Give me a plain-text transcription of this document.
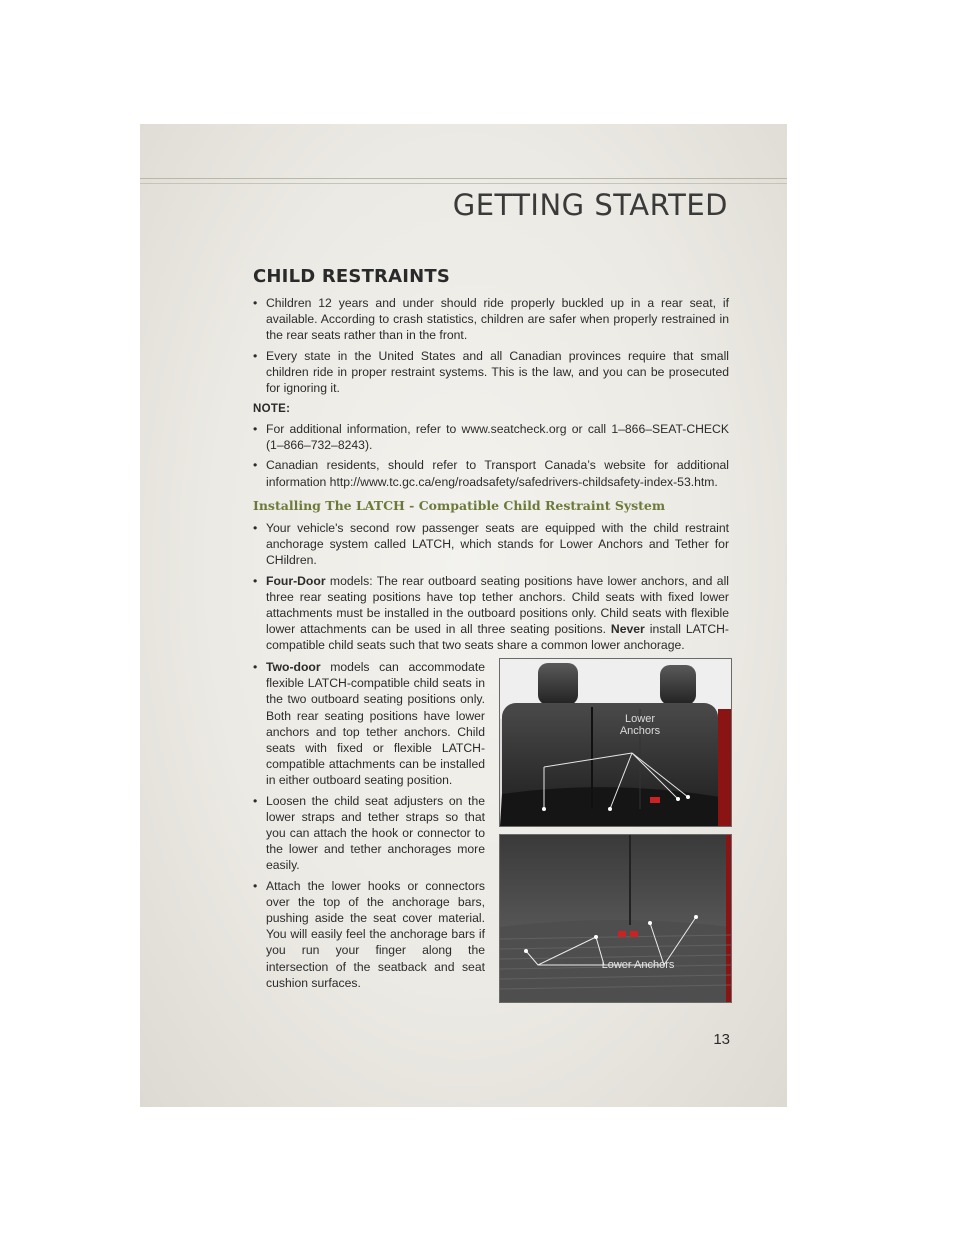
GETTING STARTED
CHILD RESTRAINTS
• Children 12 years and under should ride properly buckled up in a rear seat, if available. According to crash statistics, children are safer when properly restrained in the rear seats rather than in the front.
• Every state in the United States and all Canadian provinces require that small children ride in proper restraint systems. This is the law, and you can be prosecuted for ignoring it.
NOTE:
• For additional information, refer to www.seatcheck.org or call 1–866–SEAT-CHECK (1–866–732–8243).
• Canadian residents, should refer to Transport Canada’s website for additional information http://www.tc.gc.ca/eng/roadsafety/safedrivers-childsafety-index-53.htm.
Installing The LATCH - Compatible Child Restraint System
• Your vehicle's second row passenger seats are equipped with the child restraint anchorage system called LATCH, which stands for Lower Anchors and Tether for CHildren.
• Four-Door models: The rear outboard seating positions have lower anchors, and all three rear seating positions have top tether anchors. Child seats with fixed lower attachments must be installed in the outboard positions only. Child seats with flexible lower attachments can be used in all three seating positions. Never install LATCH-compatible child seats such that two seats share a common lower anchorage.
• Two-door models can accommodate flexible LATCH-compatible child seats in the two outboard seating positions only. Both rear seating positions have lower anchors and top tether anchors. Child seats with fixed or flexible LATCH-compatible attachments can be installed in either outboard seating position.
• Loosen the child seat adjusters on the lower straps and tether straps so that you can attach the hook or connector to the lower and tether anchorages more easily.
• Attach the lower hooks or connectors over the top of the anchorage bars, pushing aside the seat cover material. You will easily feel the anchorage bars if you run your finger along the intersection of the seatback and seat cushion surfaces.
Lower
Anchors
Lower Anchors
13
